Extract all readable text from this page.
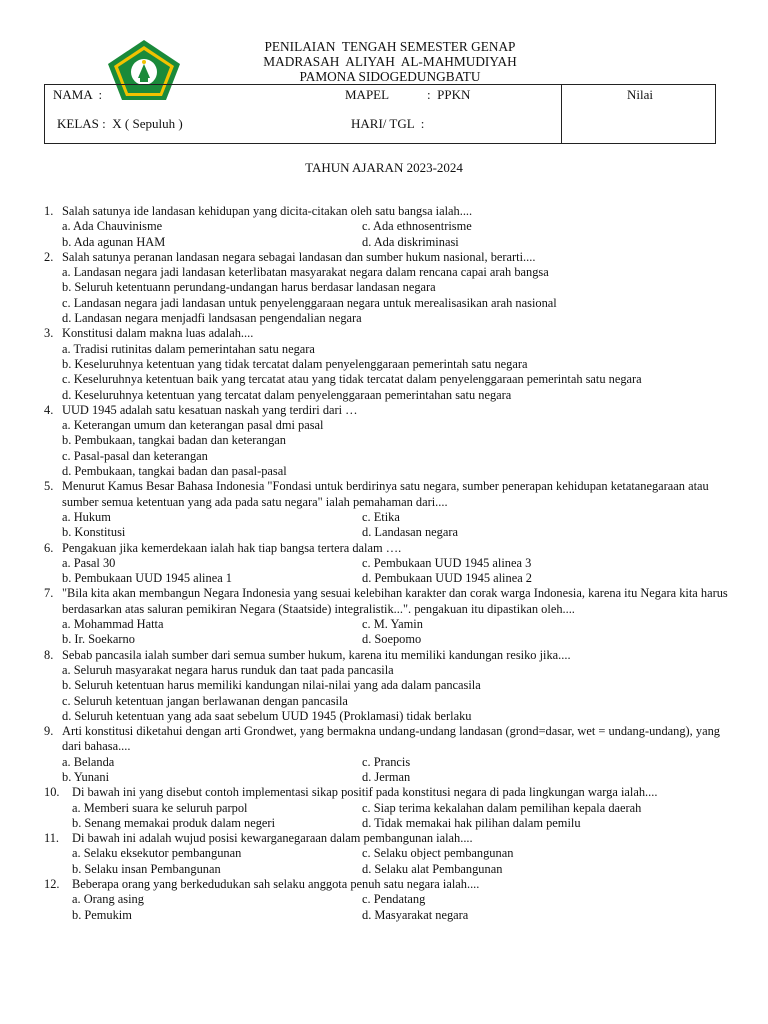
PENILAIAN  TENGAH SEMESTER GENAP
MADRASAH  ALIYAH  AL-MAHMUDIYAH
PAMONA SIDOGEDUNGBATU
NAMA  :	MAPEL	:  PPKN	Nilai
KELAS :  X ( Sepuluh )	HARI/ TGL  :
TAHUN AJARAN 2023-2024
1. Salah satunya ide landasan kehidupan yang dicita-citakan oleh satu bangsa ialah....
a. Ada Chauvinisme	c. Ada ethnosentrisme
b. Ada agunan HAM	d. Ada diskriminasi
2. Salah satunya peranan landasan negara sebagai landasan dan sumber hukum nasional, berarti....
a. Landasan negara jadi landasan keterlibatan masyarakat negara dalam rencana capai arah bangsa
b. Seluruh ketentuann perundang-undangan harus berdasar landasan negara
c. Landasan negara jadi landasan untuk penyelenggaraan negara untuk merealisasikan arah nasional
d. Landasan negara menjadfi landsasan pengendalian negara
3. Konstitusi dalam makna luas adalah....
a. Tradisi rutinitas dalam pemerintahan satu negara
b. Keseluruhnya ketentuan yang tidak tercatat dalam penyelenggaraan pemerintah satu negara
c. Keseluruhnya ketentuan baik yang tercatat atau yang tidak tercatat dalam penyelenggaraan pemerintah satu negara
d. Keseluruhnya ketentuan yang tercatat dalam penyelenggaraan pemerintahan satu negara
4. UUD 1945 adalah satu kesatuan naskah yang terdiri dari …
a. Keterangan umum dan keterangan pasal dmi pasal
b. Pembukaan, tangkai badan dan keterangan
c. Pasal-pasal dan keterangan
d. Pembukaan, tangkai badan dan pasal-pasal
5. Menurut Kamus Besar Bahasa Indonesia "Fondasi untuk berdirinya satu negara, sumber penerapan kehidupan ketatanegaraan atau sumber semua ketentuan yang ada pada satu negara" ialah pemahaman dari....
a. Hukum	c. Etika
b. Konstitusi	d. Landasan negara
6. Pengakuan jika kemerdekaan ialah hak tiap bangsa tertera dalam ….
a. Pasal 30	c. Pembukaan UUD 1945 alinea 3
b. Pembukaan UUD 1945 alinea 1	d. Pembukaan UUD 1945 alinea 2
7. "Bila kita akan membangun Negara Indonesia yang sesuai kelebihan karakter dan corak warga Indonesia, karena itu Negara kita harus berdasarkan atas saluran pemikiran Negara (Staatside) integralistik...". pengakuan itu dipastikan oleh....
a. Mohammad Hatta	c. M. Yamin
b. Ir. Soekarno	d. Soepomo
8. Sebab pancasila ialah sumber dari semua sumber hukum, karena itu memiliki kandungan resiko jika....
a. Seluruh masyarakat negara harus runduk dan taat pada pancasila
b. Seluruh ketentuan harus memiliki kandungan nilai-nilai yang ada dalam pancasila
c. Seluruh ketentuan jangan berlawanan dengan pancasila
d. Seluruh ketentuan yang ada saat sebelum UUD 1945 (Proklamasi) tidak berlaku
9. Arti konstitusi diketahui dengan arti Grondwet, yang bermakna undang-undang landasan (grond=dasar, wet = undang-undang), yang dari bahasa....
a. Belanda	c. Prancis
b. Yunani	d. Jerman
10. Di bawah ini yang disebut contoh implementasi sikap positif pada konstitusi negara di pada lingkungan warga ialah....
a. Memberi suara ke seluruh parpol	c. Siap terima kekalahan dalam pemilihan kepala daerah
b. Senang memakai produk dalam negeri	d. Tidak memakai hak pilihan dalam pemilu
11. Di bawah ini adalah wujud posisi kewarganegaraan dalam pembangunan ialah....
a. Selaku eksekutor pembangunan	c. Selaku object pembangunan
b. Selaku insan Pembangunan	d. Selaku alat Pembangunan
12. Beberapa orang yang berkedudukan sah selaku anggota penuh satu negara ialah....
a. Orang asing	c. Pendatang
b. Pemukim	d. Masyarakat negara
